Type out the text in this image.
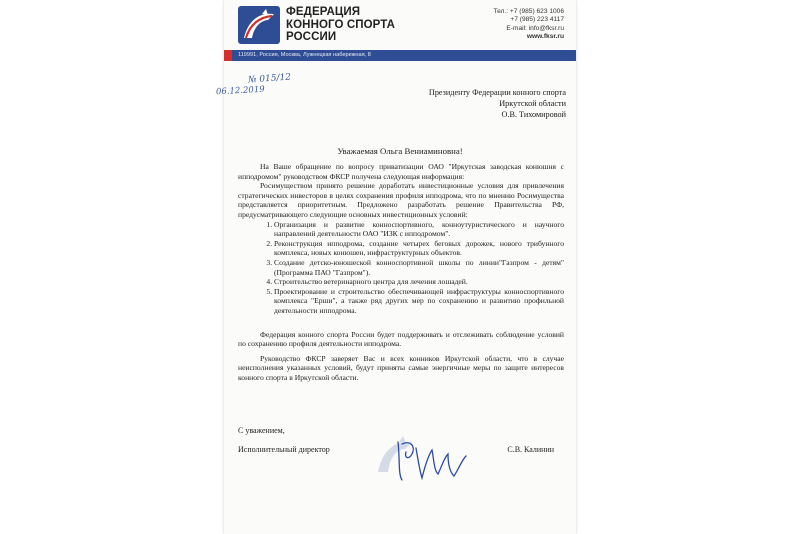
ФЕДЕРАЦИЯ
КОННОГО СПОРТА
РОССИИ
Тел.: +7 (985) 623 1006
+7 (985) 223 4117
E-mail: info@fksr.ru
www.fksr.ru
119991, Россия, Москва, Лужнецкая набережная, 8
№ 015/12
06.12.2019	Президенту Федерации конного спорта
Иркутской области
О.В. Тихомировой
Уважаемая Ольга Вениаминовна!

На Ваше обращение по вопросу приватизации ОАО "Иркутская заводская конюшня с ипподромом" руководством ФКСР получена следующая информация:

Росимуществом принято решение доработать инвестиционные условия для привлечения стратегических инвесторов в целях сохранения профиля ипподрома, что по мнению Росимущества представляется приоритетным. Предложено разработать решение Правительства РФ, предусматривающего следующие основных инвестиционных условий:

1. Организация и развитие конноспортивного, конноутуристического и научного направлений деятельности ОАО "ИЗК с ипподромом".
2. Реконструкция ипподрома, создание четырех беговых дорожек, нового трибунного комплекса, новых конюшен, инфраструктурных объектов.
3. Создание детско-юношеской конноспортивной школы по линии"Газпром - детям"(Программа ПАО "Газпром").
4. Строительство ветеринарного центра для лечения лошадей.
5. Проектирование и строительство обеспечивающей инфраструктуры конноспортивного комплекса "Ерши", а также ряд других мер по сохранению и развитию профильной деятельности ипподрома.

Федерация конного спорта России будет поддерживать и отслеживать соблюдение условий по сохранению профиля деятельности ипподрома.

Руководство ФКСР заверяет Вас и всех конников Иркутской области, что в случае неисполнения указанных условий, будут приняты самые энергичные меры по защите интересов конного спорта в Иркутской области.

С уважением,
Исполнительный директор	С.В. Калинин
